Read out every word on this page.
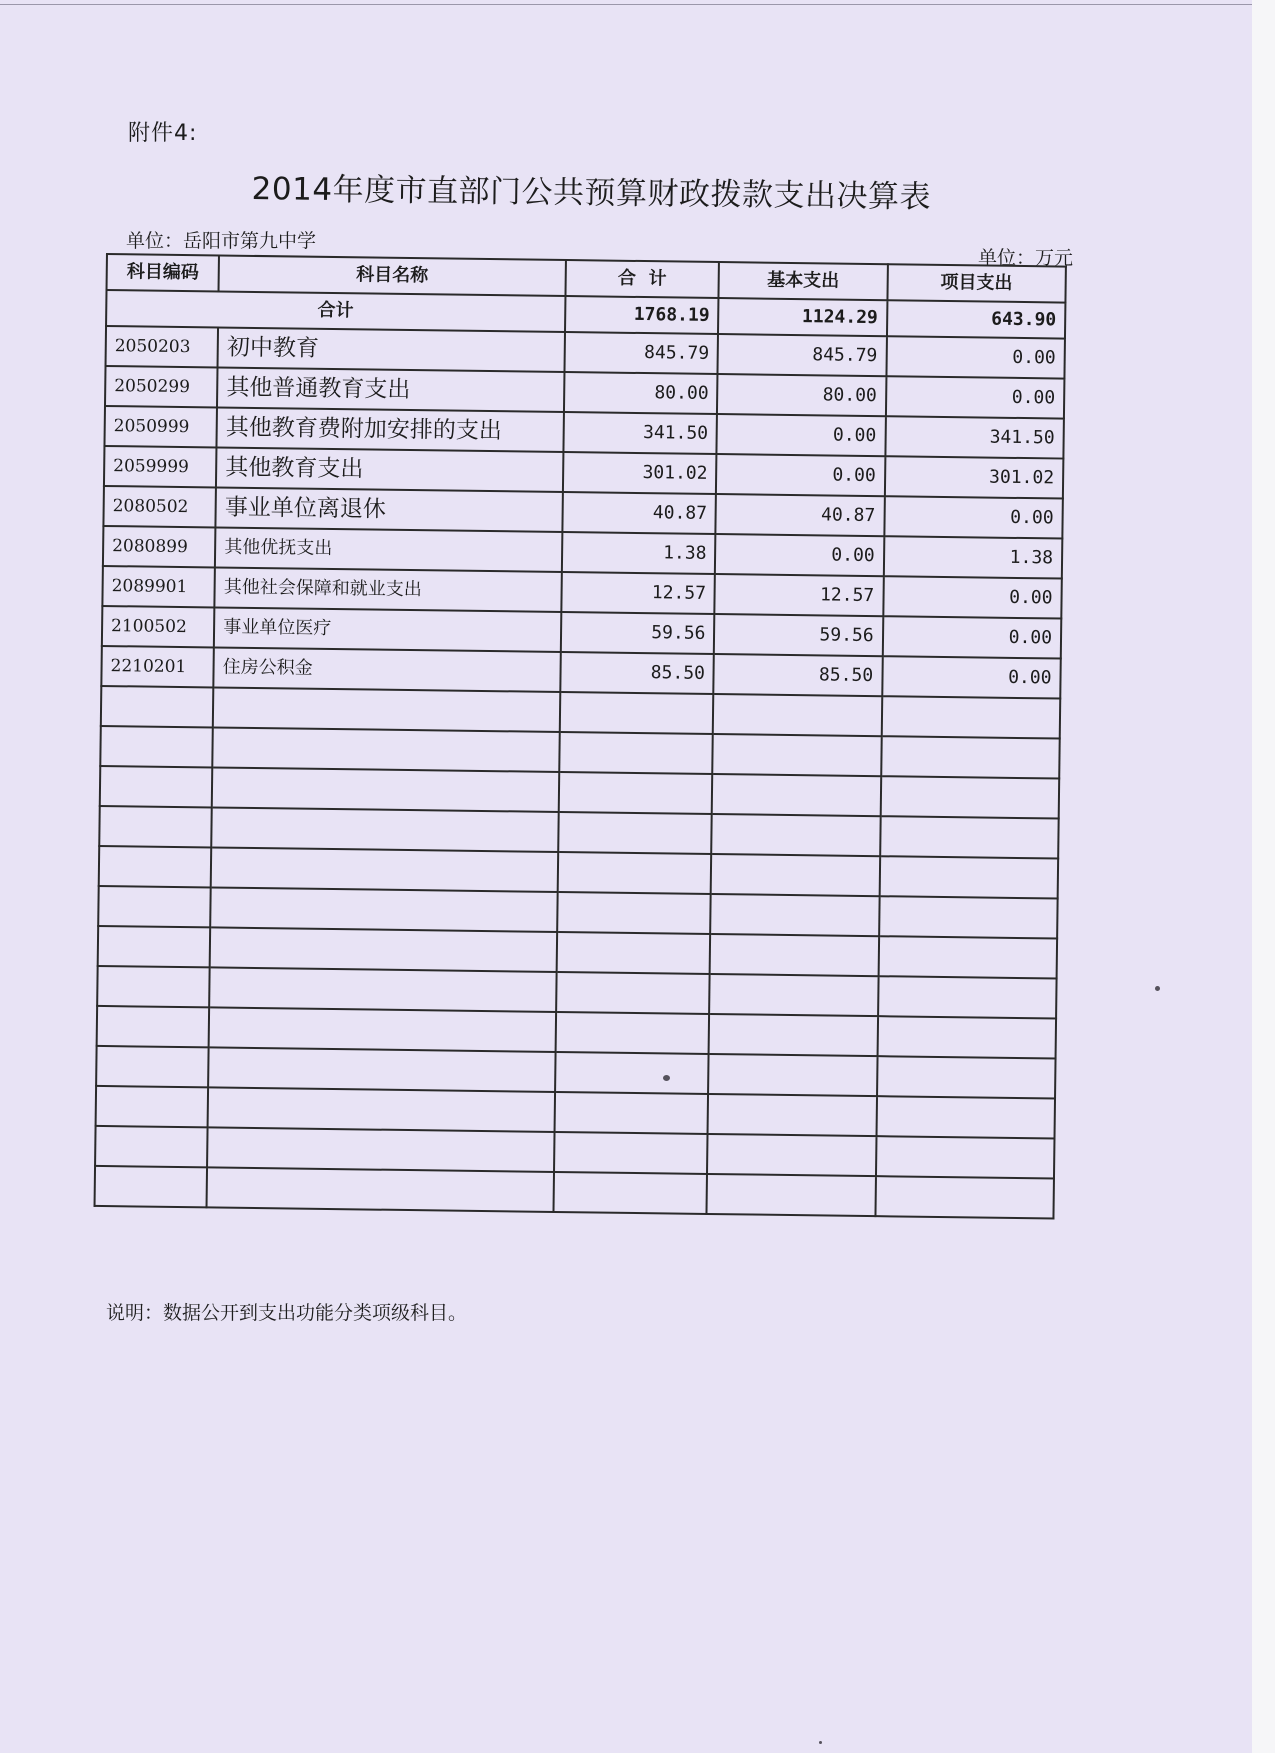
附件4:
2014年度市直部门公共预算财政拨款支出决算表
单位：岳阳市第九中学
单位：万元
科目编码	科目名称	合  计	基本支出	项目支出
合计		1768.19	1124.29	643.90
2050203	初中教育	845.79	845.79	0.00
2050299	其他普通教育支出	80.00	80.00	0.00
2050999	其他教育费附加安排的支出	341.50	0.00	341.50
2059999	其他教育支出	301.02	0.00	301.02
2080502	事业单位离退休	40.87	40.87	0.00
2080899	其他优抚支出	1.38	0.00	1.38
2089901	其他社会保障和就业支出	12.57	12.57	0.00
2100502	事业单位医疗	59.56	59.56	0.00
2210201	住房公积金	85.50	85.50	0.00

说明：数据公开到支出功能分类项级科目。
